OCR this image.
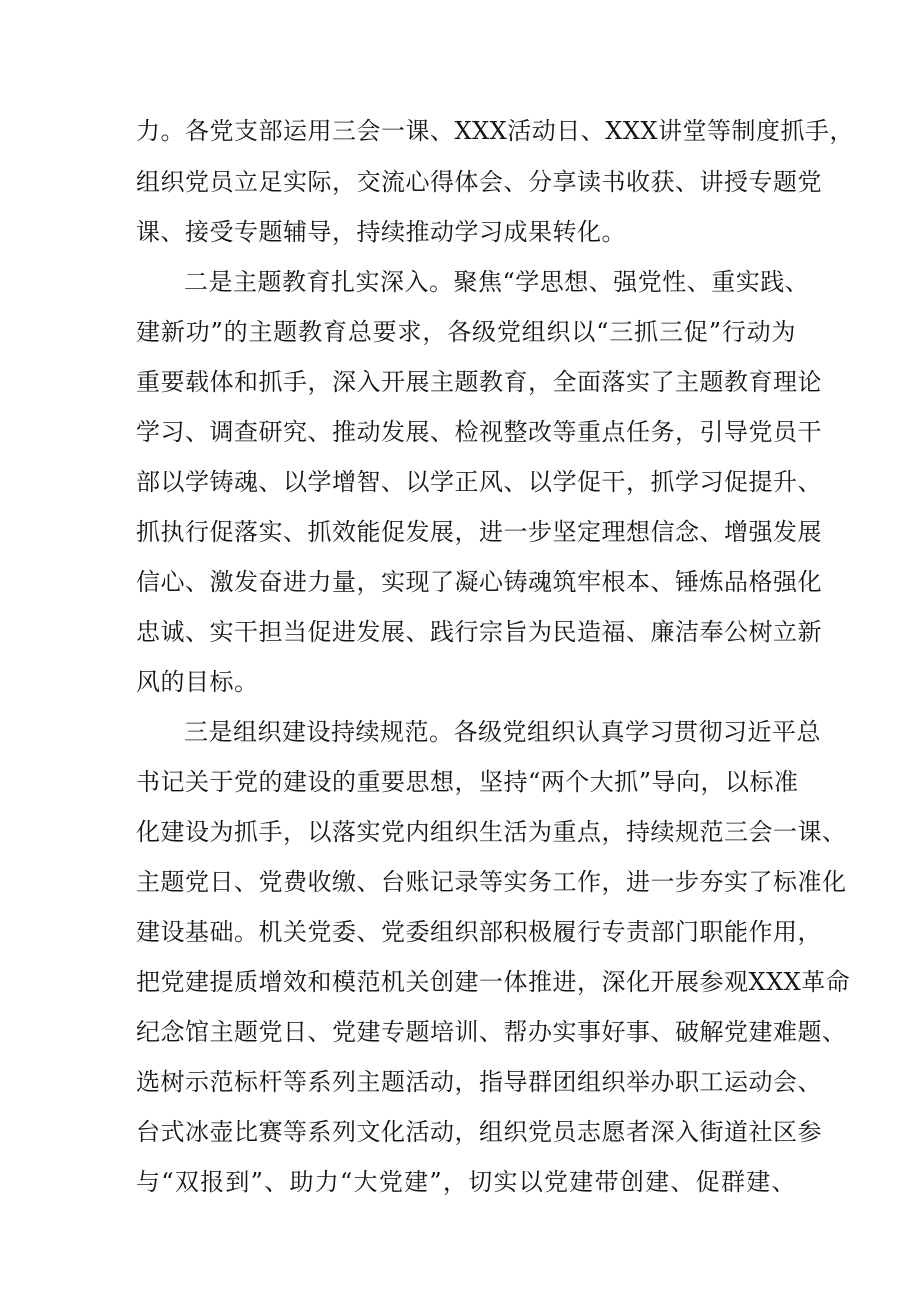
力。各党支部运用三会一课、XXX活动日、XXX讲堂等制度抓手，
组织党员立足实际，交流心得体会、分享读书收获、讲授专题党
课、接受专题辅导，持续推动学习成果转化。
二是主题教育扎实深入。聚焦“学思想、强党性、重实践、
建新功”的主题教育总要求，各级党组织以“三抓三促”行动为
重要载体和抓手，深入开展主题教育，全面落实了主题教育理论
学习、调查研究、推动发展、检视整改等重点任务，引导党员干
部以学铸魂、以学增智、以学正风、以学促干，抓学习促提升、
抓执行促落实、抓效能促发展，进一步坚定理想信念、增强发展
信心、激发奋进力量，实现了凝心铸魂筑牢根本、锤炼品格强化
忠诚、实干担当促进发展、践行宗旨为民造福、廉洁奉公树立新
风的目标。
三是组织建设持续规范。各级党组织认真学习贯彻习近平总
书记关于党的建设的重要思想，坚持“两个大抓”导向，以标准
化建设为抓手，以落实党内组织生活为重点，持续规范三会一课、
主题党日、党费收缴、台账记录等实务工作，进一步夯实了标准化
建设基础。机关党委、党委组织部积极履行专责部门职能作用，
把党建提质增效和模范机关创建一体推进，深化开展参观XXX革命
纪念馆主题党日、党建专题培训、帮办实事好事、破解党建难题、
选树示范标杆等系列主题活动，指导群团组织举办职工运动会、
台式冰壶比赛等系列文化活动，组织党员志愿者深入街道社区参
与“双报到”、助力“大党建”，切实以党建带创建、促群建、
